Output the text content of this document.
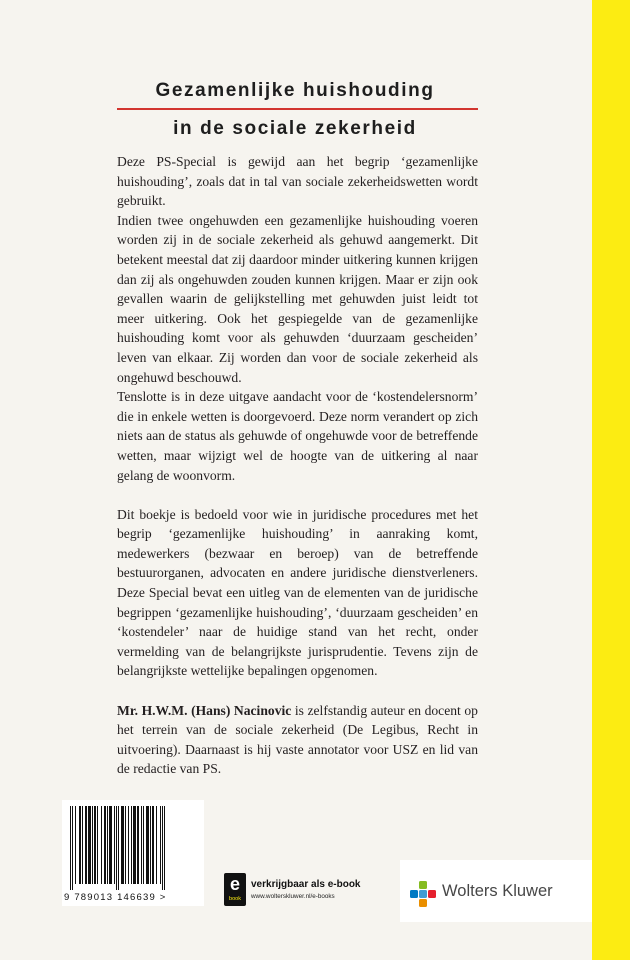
Gezamenlijke huishouding
in de sociale zekerheid

Deze PS-Special is gewijd aan het begrip ‘gezamenlijke huishouding’, zoals dat in tal van sociale zekerheidswetten wordt gebruikt.

Indien twee ongehuwden een gezamenlijke huishouding voeren worden zij in de sociale zekerheid als gehuwd aangemerkt. Dit betekent meestal dat zij daardoor minder uitkering kunnen krijgen dan zij als ongehuwden zouden kunnen krijgen. Maar er zijn ook gevallen waarin de gelijkstelling met gehuwden juist leidt tot meer uitkering. Ook het gespiegelde van de gezamenlijke huishouding komt voor als gehuwden ‘duurzaam gescheiden’ leven van elkaar. Zij worden dan voor de sociale zekerheid als ongehuwd beschouwd.

Tenslotte is in deze uitgave aandacht voor de ‘kostendelersnorm’ die in enkele wetten is doorgevoerd. Deze norm verandert op zich niets aan de status als gehuwde of ongehuwde voor de betreffende wetten, maar wijzigt wel de hoogte van de uitkering al naar gelang de woonvorm.

Dit boekje is bedoeld voor wie in juridische procedures met het begrip ‘gezamenlijke huishouding’ in aanraking komt, medewerkers (bezwaar en beroep) van de betreffende bestuurorganen, advocaten en andere juridische dienstverleners. Deze Special bevat een uitleg van de elementen van de juridische begrippen ‘gezamenlijke huishouding’, ‘duurzaam gescheiden’ en ‘kostendeler’ naar de huidige stand van het recht, onder vermelding van de belangrijkste jurisprudentie. Tevens zijn de belangrijkste wettelijke bepalingen opgenomen.

Mr. H.W.M. (Hans) Nacinovic is zelfstandig auteur en docent op het terrein van de sociale zekerheid (De Legibus, Recht in uitvoering). Daarnaast is hij vaste annotator voor USZ en lid van de redactie van PS.

9 789013 146639 >
e
book
verkrijgbaar als e-book
www.wolterskluwer.nl/e-books	Wolters Kluwer
